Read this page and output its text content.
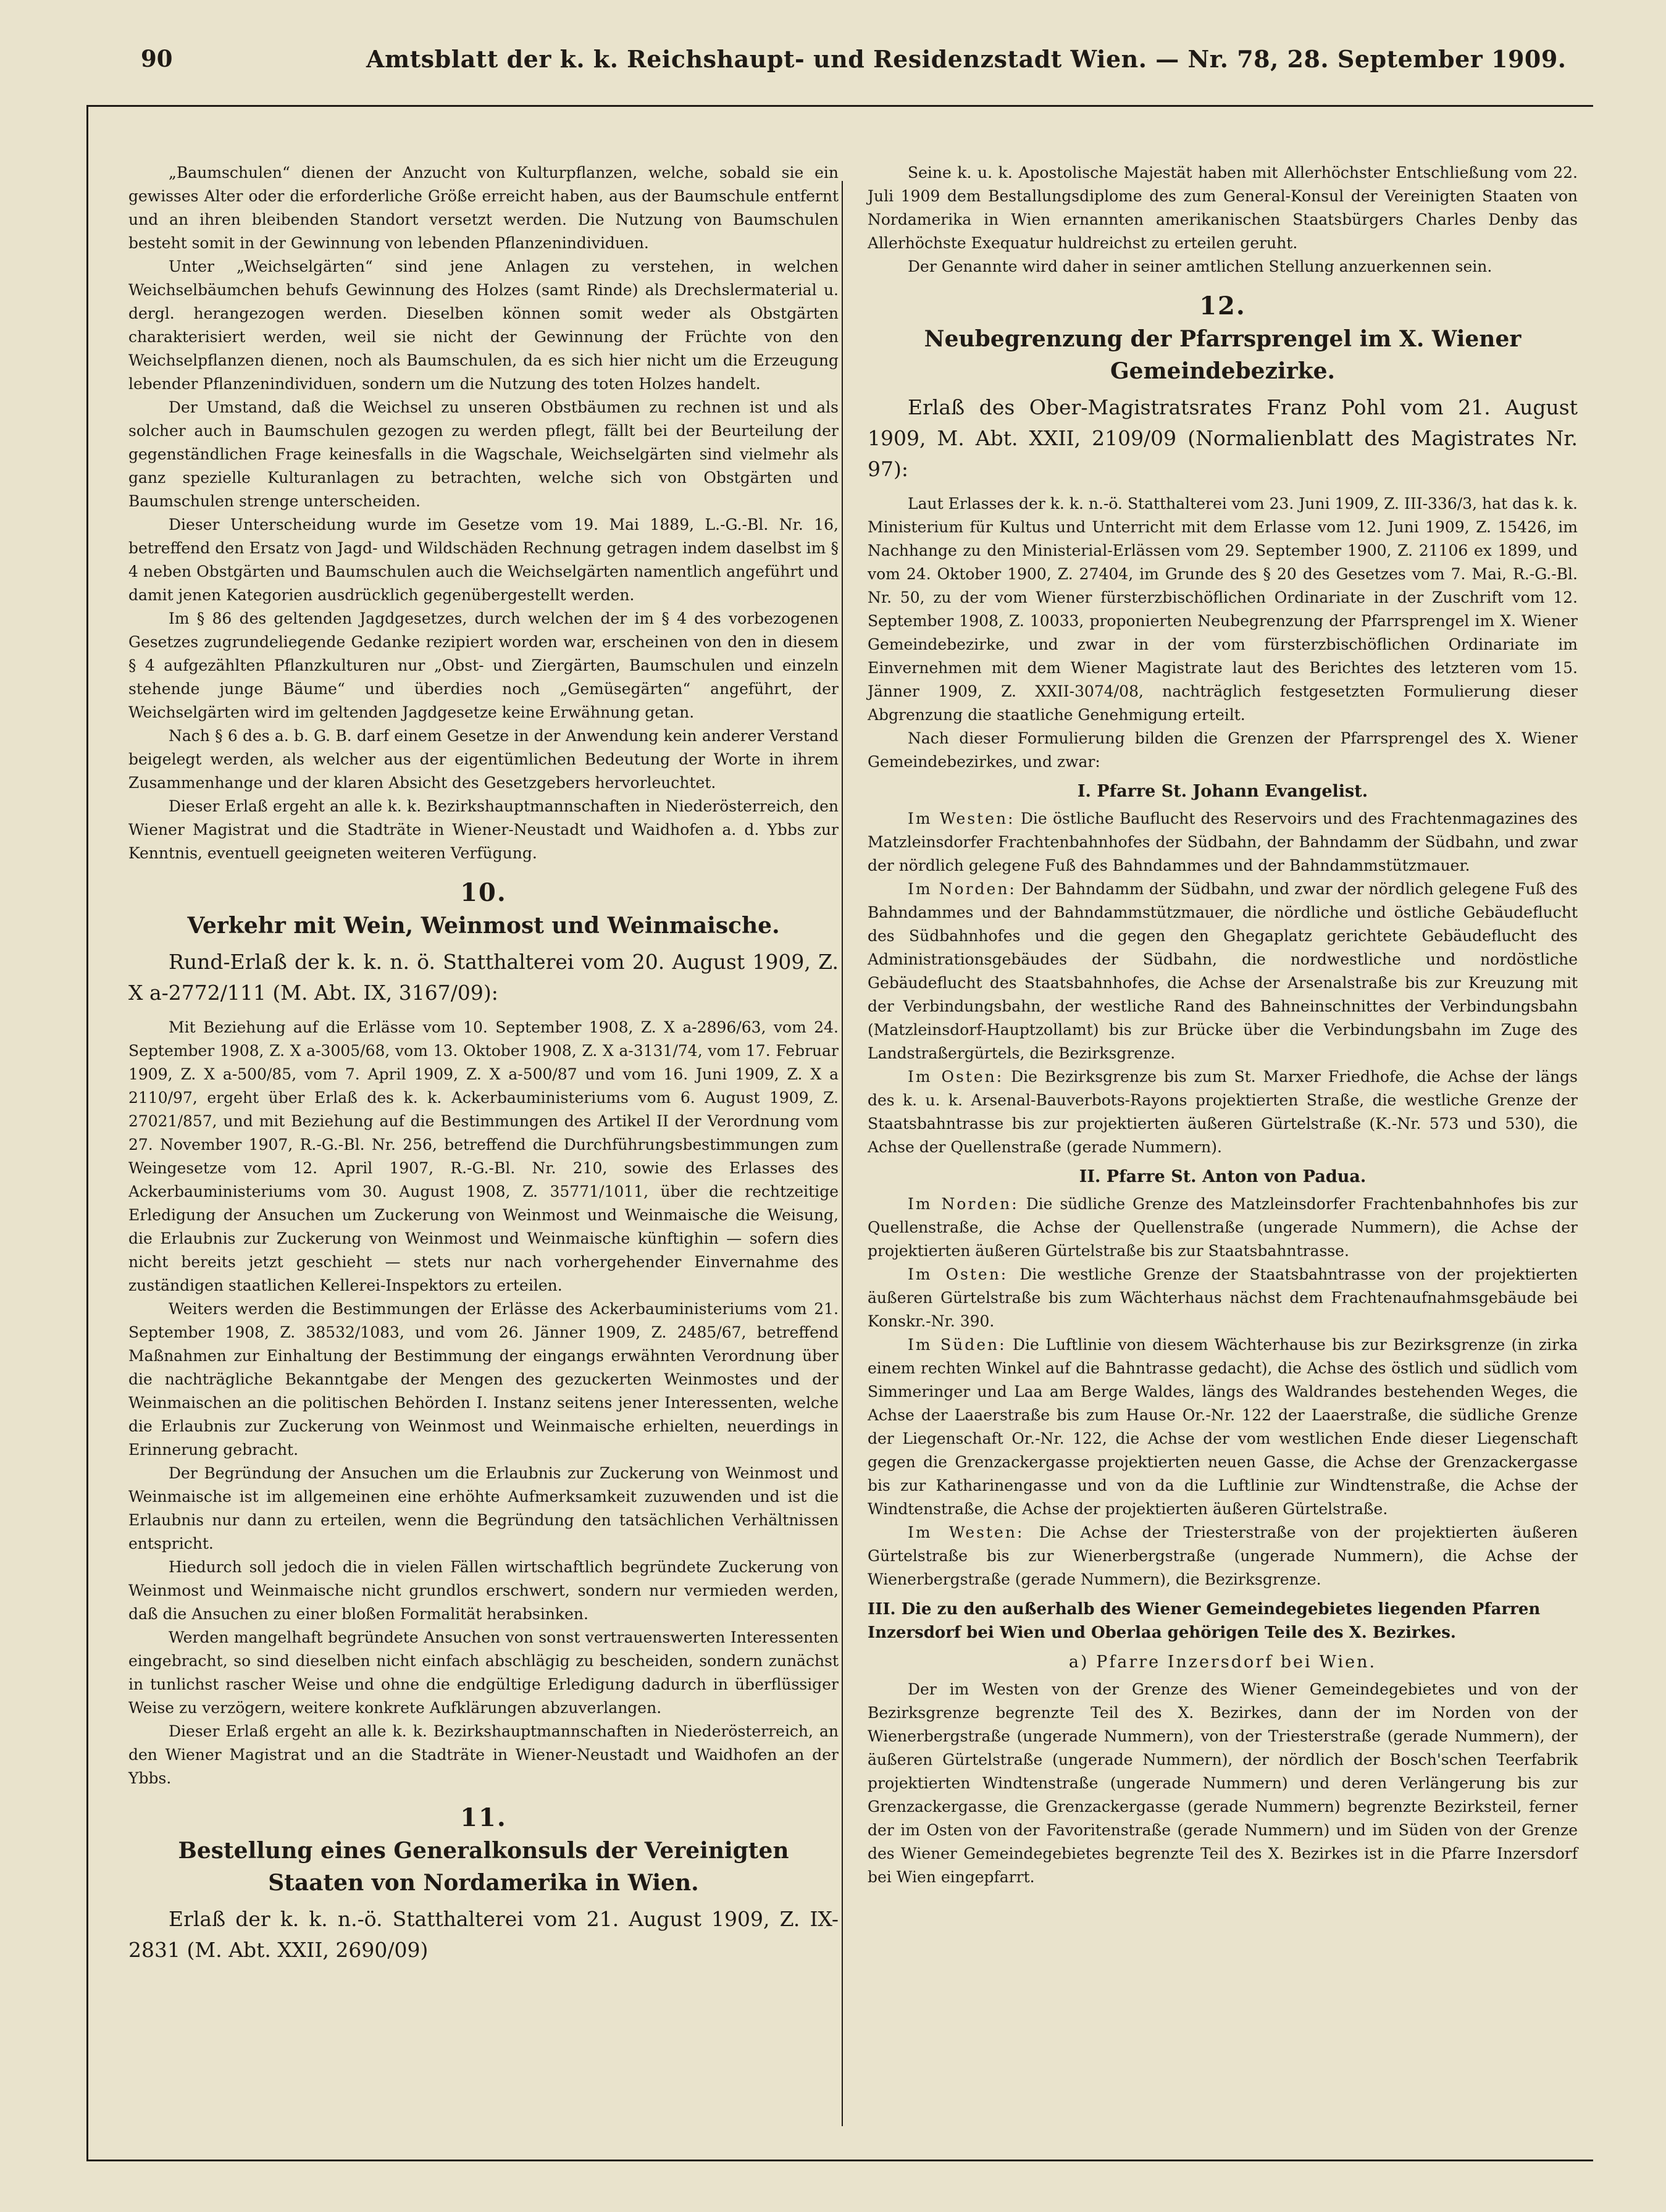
90	Amtsblatt der k. k. Reichshaupt- und Residenzstadt Wien. — Nr. 78, 28. September 1909.

„Baumschulen“ dienen der Anzucht von Kulturpflanzen, welche, sobald sie ein gewisses Alter oder die erforderliche Größe erreicht haben, aus der Baumschule entfernt und an ihren bleibenden Standort versetzt werden. Die Nutzung von Baumschulen besteht somit in der Gewinnung von lebenden Pflanzenindividuen.

Unter „Weichselgärten“ sind jene Anlagen zu verstehen, in welchen Weichselbäumchen behufs Gewinnung des Holzes (samt Rinde) als Drechslermaterial u. dergl. herangezogen werden. Dieselben können somit weder als Obstgärten charakterisiert werden, weil sie nicht der Gewinnung der Früchte von den Weichselpflanzen dienen, noch als Baumschulen, da es sich hier nicht um die Erzeugung lebender Pflanzenindividuen, sondern um die Nutzung des toten Holzes handelt.

Der Umstand, daß die Weichsel zu unseren Obstbäumen zu rechnen ist und als solcher auch in Baumschulen gezogen zu werden pflegt, fällt bei der Beurteilung der gegenständlichen Frage keinesfalls in die Wagschale, Weichselgärten sind vielmehr als ganz spezielle Kulturanlagen zu betrachten, welche sich von Obstgärten und Baumschulen strenge unterscheiden.

Dieser Unterscheidung wurde im Gesetze vom 19. Mai 1889, L.-G.-Bl. Nr. 16, betreffend den Ersatz von Jagd- und Wildschäden Rechnung getragen indem daselbst im § 4 neben Obstgärten und Baumschulen auch die Weichselgärten namentlich angeführt und damit jenen Kategorien ausdrücklich gegenübergestellt werden.

Im § 86 des geltenden Jagdgesetzes, durch welchen der im § 4 des vorbezogenen Gesetzes zugrundeliegende Gedanke rezipiert worden war, erscheinen von den in diesem § 4 aufgezählten Pflanzkulturen nur „Obst- und Ziergärten, Baumschulen und einzeln stehende junge Bäume“ und überdies noch „Gemüsegärten“ angeführt, der Weichselgärten wird im geltenden Jagdgesetze keine Erwähnung getan.

Nach § 6 des a. b. G. B. darf einem Gesetze in der Anwendung kein anderer Verstand beigelegt werden, als welcher aus der eigentümlichen Bedeutung der Worte in ihrem Zusammenhange und der klaren Absicht des Gesetzgebers hervorleuchtet.

Dieser Erlaß ergeht an alle k. k. Bezirkshauptmannschaften in Niederösterreich, den Wiener Magistrat und die Stadträte in Wiener-Neustadt und Waidhofen a. d. Ybbs zur Kenntnis, eventuell geeigneten weiteren Verfügung.

10.
Verkehr mit Wein, Weinmost und Weinmaische.
Rund-Erlaß der k. k. n. ö. Statthalterei vom 20. August 1909, Z. X a-2772/111 (M. Abt. IX, 3167/09):

Mit Beziehung auf die Erlässe vom 10. September 1908, Z. X a-2896/63, vom 24. September 1908, Z. X a-3005/68, vom 13. Oktober 1908, Z. X a-3131/74, vom 17. Februar 1909, Z. X a-500/85, vom 7. April 1909, Z. X a-500/87 und vom 16. Juni 1909, Z. X a 2110/97, ergeht über Erlaß des k. k. Ackerbauministeriums vom 6. August 1909, Z. 27021/857, und mit Beziehung auf die Bestimmungen des Artikel II der Verordnung vom 27. November 1907, R.-G.-Bl. Nr. 256, betreffend die Durchführungsbestimmungen zum Weingesetze vom 12. April 1907, R.-G.-Bl. Nr. 210, sowie des Erlasses des Ackerbauministeriums vom 30. August 1908, Z. 35771/1011, über die rechtzeitige Erledigung der Ansuchen um Zuckerung von Weinmost und Weinmaische die Weisung, die Erlaubnis zur Zuckerung von Weinmost und Weinmaische künftighin — sofern dies nicht bereits jetzt geschieht — stets nur nach vorhergehender Einvernahme des zuständigen staatlichen Kellerei-Inspektors zu erteilen.

Weiters werden die Bestimmungen der Erlässe des Ackerbauministeriums vom 21. September 1908, Z. 38532/1083, und vom 26. Jänner 1909, Z. 2485/67, betreffend Maßnahmen zur Einhaltung der Bestimmung der eingangs erwähnten Verordnung über die nachträgliche Bekanntgabe der Mengen des gezuckerten Weinmostes und der Weinmaischen an die politischen Behörden I. Instanz seitens jener Interessenten, welche die Erlaubnis zur Zuckerung von Weinmost und Weinmaische erhielten, neuerdings in Erinnerung gebracht.

Der Begründung der Ansuchen um die Erlaubnis zur Zuckerung von Weinmost und Weinmaische ist im allgemeinen eine erhöhte Aufmerksamkeit zuzuwenden und ist die Erlaubnis nur dann zu erteilen, wenn die Begründung den tatsächlichen Verhältnissen entspricht.

Hiedurch soll jedoch die in vielen Fällen wirtschaftlich begründete Zuckerung von Weinmost und Weinmaische nicht grundlos erschwert, sondern nur vermieden werden, daß die Ansuchen zu einer bloßen Formalität herabsinken.

Werden mangelhaft begründete Ansuchen von sonst vertrauenswerten Interessenten eingebracht, so sind dieselben nicht einfach abschlägig zu bescheiden, sondern zunächst in tunlichst rascher Weise und ohne die endgültige Erledigung dadurch in überflüssiger Weise zu verzögern, weitere konkrete Aufklärungen abzuverlangen.

Dieser Erlaß ergeht an alle k. k. Bezirkshauptmannschaften in Niederösterreich, an den Wiener Magistrat und an die Stadträte in Wiener-Neustadt und Waidhofen an der Ybbs.

11.
Bestellung eines Generalkonsuls der Vereinigten Staaten von Nordamerika in Wien.
Erlaß der k. k. n.-ö. Statthalterei vom 21. August 1909, Z. IX-2831 (M. Abt. XXII, 2690/09)

Seine k. u. k. Apostolische Majestät haben mit Allerhöchster Entschließung vom 22. Juli 1909 dem Bestallungsdiplome des zum General-Konsul der Vereinigten Staaten von Nordamerika in Wien ernannten amerikanischen Staatsbürgers Charles Denby das Allerhöchste Exequatur huldreichst zu erteilen geruht.

Der Genannte wird daher in seiner amtlichen Stellung anzuerkennen sein.

12.
Neubegrenzung der Pfarrsprengel im X. Wiener Gemeindebezirke.
Erlaß des Ober-Magistratsrates Franz Pohl vom 21. August 1909, M. Abt. XXII, 2109/09 (Normalienblatt des Magistrates Nr. 97):

Laut Erlasses der k. k. n.-ö. Statthalterei vom 23. Juni 1909, Z. III-336/3, hat das k. k. Ministerium für Kultus und Unterricht mit dem Erlasse vom 12. Juni 1909, Z. 15426, im Nachhange zu den Ministerial-Erlässen vom 29. September 1900, Z. 21106 ex 1899, und vom 24. Oktober 1900, Z. 27404, im Grunde des § 20 des Gesetzes vom 7. Mai, R.-G.-Bl. Nr. 50, zu der vom Wiener fürsterzbischöflichen Ordinariate in der Zuschrift vom 12. September 1908, Z. 10033, proponierten Neubegrenzung der Pfarrsprengel im X. Wiener Gemeindebezirke, und zwar in der vom fürsterzbischöflichen Ordinariate im Einvernehmen mit dem Wiener Magistrate laut des Berichtes des letzteren vom 15. Jänner 1909, Z. XXII-3074/08, nachträglich festgesetzten Formulierung dieser Abgrenzung die staatliche Genehmigung erteilt.

Nach dieser Formulierung bilden die Grenzen der Pfarrsprengel des X. Wiener Gemeindebezirkes, und zwar:

I. Pfarre St. Johann Evangelist.

Im Westen: Die östliche Bauflucht des Reservoirs und des Frachtenmagazines des Matzleinsdorfer Frachtenbahnhofes der Südbahn, der Bahndamm der Südbahn, und zwar der nördlich gelegene Fuß des Bahndammes und der Bahndammstützmauer.

Im Norden: Der Bahndamm der Südbahn, und zwar der nördlich gelegene Fuß des Bahndammes und der Bahndammstützmauer, die nördliche und östliche Gebäudeflucht des Südbahnhofes und die gegen den Ghegaplatz gerichtete Gebäudeflucht des Administrationsgebäudes der Südbahn, die nordwestliche und nordöstliche Gebäudeflucht des Staatsbahnhofes, die Achse der Arsenalstraße bis zur Kreuzung mit der Verbindungsbahn, der westliche Rand des Bahneinschnittes der Verbindungsbahn (Matzleinsdorf-Hauptzollamt) bis zur Brücke über die Verbindungsbahn im Zuge des Landstraßergürtels, die Bezirksgrenze.

Im Osten: Die Bezirksgrenze bis zum St. Marxer Friedhofe, die Achse der längs des k. u. k. Arsenal-Bauverbots-Rayons projektierten Straße, die westliche Grenze der Staatsbahntrasse bis zur projektierten äußeren Gürtelstraße (K.-Nr. 573 und 530), die Achse der Quellenstraße (gerade Nummern).

II. Pfarre St. Anton von Padua.

Im Norden: Die südliche Grenze des Matzleinsdorfer Frachtenbahnhofes bis zur Quellenstraße, die Achse der Quellenstraße (ungerade Nummern), die Achse der projektierten äußeren Gürtelstraße bis zur Staatsbahntrasse.

Im Osten: Die westliche Grenze der Staatsbahntrasse von der projektierten äußeren Gürtelstraße bis zum Wächterhaus nächst dem Frachtenaufnahmsgebäude bei Konskr.-Nr. 390.

Im Süden: Die Luftlinie von diesem Wächterhause bis zur Bezirksgrenze (in zirka einem rechten Winkel auf die Bahntrasse gedacht), die Achse des östlich und südlich vom Simmeringer und Laa am Berge Waldes, längs des Waldrandes bestehenden Weges, die Achse der Laaerstraße bis zum Hause Or.-Nr. 122 der Laaerstraße, die südliche Grenze der Liegenschaft Or.-Nr. 122, die Achse der vom westlichen Ende dieser Liegenschaft gegen die Grenzackergasse projektierten neuen Gasse, die Achse der Grenzackergasse bis zur Katharinengasse und von da die Luftlinie zur Windtenstraße, die Achse der Windtenstraße, die Achse der projektierten äußeren Gürtelstraße.

Im Westen: Die Achse der Triesterstraße von der projektierten äußeren Gürtelstraße bis zur Wienerbergstraße (ungerade Nummern), die Achse der Wienerbergstraße (gerade Nummern), die Bezirksgrenze.

III. Die zu den außerhalb des Wiener Gemeindegebietes liegenden Pfarren Inzersdorf bei Wien und Oberlaa gehörigen Teile des X. Bezirkes.
a) Pfarre Inzersdorf bei Wien.

Der im Westen von der Grenze des Wiener Gemeindegebietes und von der Bezirksgrenze begrenzte Teil des X. Bezirkes, dann der im Norden von der Wienerbergstraße (ungerade Nummern), von der Triesterstraße (gerade Nummern), der äußeren Gürtelstraße (ungerade Nummern), der nördlich der Bosch'schen Teerfabrik projektierten Windtenstraße (ungerade Nummern) und deren Verlängerung bis zur Grenzackergasse, die Grenzackergasse (gerade Nummern) begrenzte Bezirksteil, ferner der im Osten von der Favoritenstraße (gerade Nummern) und im Süden von der Grenze des Wiener Gemeindegebietes begrenzte Teil des X. Bezirkes ist in die Pfarre Inzersdorf bei Wien eingepfarrt.
